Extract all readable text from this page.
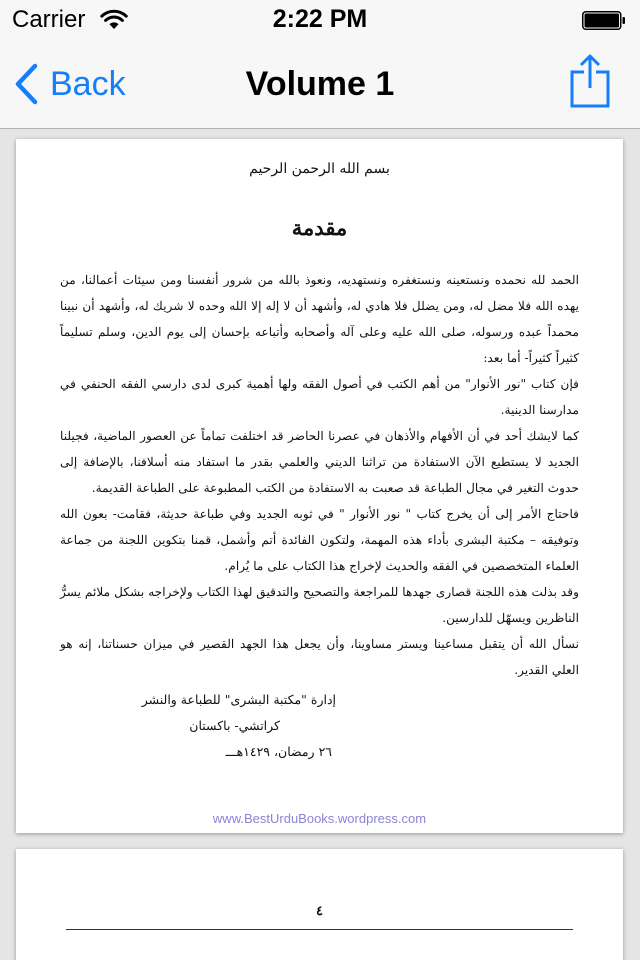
Carrier	2:22 PM
Back	Volume 1
بسم الله الرحمن الرحيم
مقدمة

الحمد لله نحمده ونستعينه ونستغفره ونستهديه، ونعوذ بالله من شرور أنفسنا ومن سيئات أعمالنا، من يهده الله فلا مضل له، ومن يضلل فلا هادي له، وأشهد أن لا إله إلا الله وحده لا شريك له، وأشهد أن نبينا محمداً عبده ورسوله، صلى الله عليه وعلى آله وأصحابه وأتباعه بإحسان إلى يوم الدين، وسلم تسليماً كثيراً كثيراً- أما بعد:

فإن كتاب "نور الأنوار" من أهم الكتب في أصول الفقه ولها أهمية كبرى لدى دارسي الفقه الحنفي في مدارسنا الدينية.

كما لايشك أحد في أن الأفهام والأذهان في عصرنا الحاضر قد اختلفت تماماً عن العصور الماضية، فجيلنا الجديد لا يستطيع الآن الاستفادة من تراثنا الديني والعلمي بقدر ما استفاد منه أسلافنا، بالإضافة إلى حدوث التغير في مجال الطباعة قد صعبت به الاستفادة من الكتب المطبوعة على الطباعة القديمة.

فاحتاج الأمر إلى أن يخرج كتاب " نور الأنوار " في ثوبه الجديد وفي طباعة حديثة، فقامت- بعون الله وتوفيقه – مكتبة البشرى بأداء هذه المهمة، ولتكون الفائدة أتم وأشمل، قمنا بتكوين اللجنة من جماعة العلماء المتخصصين في الفقه والحديث لإخراج هذا الكتاب على ما يُرام.

وقد بذلت هذه اللجنة قصارى جهدها للمراجعة والتصحيح والتدقيق لهذا الكتاب ولإخراجه بشكل ملائم يسرُّ الناظرين ويسهّل للدارسين.

نسأل الله أن يتقبل مساعينا ويستر مساوينا، وأن يجعل هذا الجهد القصير في ميزان حسناتنا، إنه هو العلي القدير.

إدارة "مكتبة البشرى" للطباعة والنشر
كراتشي- باكستان
٢٦ رمضان، ١٤٢٩هـــ
www.BestUrduBooks.wordpress.com
٤
